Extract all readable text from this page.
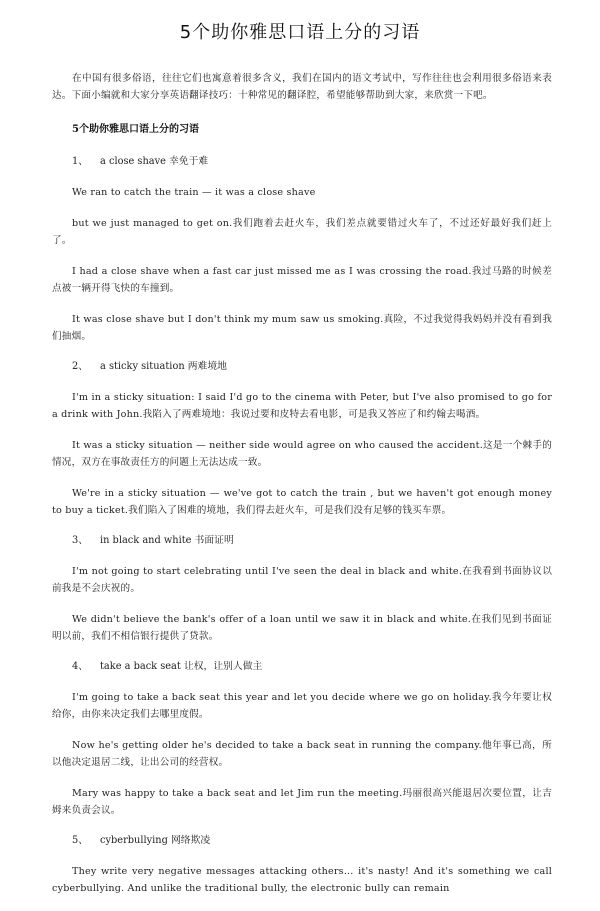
5个助你雅思口语上分的习语

在中国有很多俗语，往往它们也寓意着很多含义，我们在国内的语文考试中，写作往往也会利用很多俗语来表达。下面小编就和大家分享英语翻译技巧：十种常见的翻译腔，希望能够帮助到大家，来欣赏一下吧。

5个助你雅思口语上分的习语
1、 a close shave 幸免于难

We ran to catch the train — it was a close shave

but we just managed to get on.我们跑着去赶火车，我们差点就要错过火车了，不过还好最好我们赶上了。

I had a close shave when a fast car just missed me as I was crossing the road.我过马路的时候差点被一辆开得飞快的车撞到。

It was close shave but I don't think my mum saw us smoking.真险，不过我觉得我妈妈并没有看到我们抽烟。

2、 a sticky situation 两难境地

I'm in a sticky situation: I said I'd go to the cinema with Peter, but I've also promised to go for a drink with John.我陷入了两难境地：我说过要和皮特去看电影，可是我又答应了和约翰去喝酒。

It was a sticky situation — neither side would agree on who caused the accident.这是一个棘手的情况，双方在事故责任方的问题上无法达成一致。

We're in a sticky situation — we've got to catch the train , but we haven't got enough money to buy a ticket.我们陷入了困难的境地，我们得去赶火车，可是我们没有足够的钱买车票。

3、 in black and white 书面证明

I'm not going to start celebrating until I've seen the deal in black and white.在我看到书面协议以前我是不会庆祝的。

We didn't believe the bank's offer of a loan until we saw it in black and white.在我们见到书面证明以前，我们不相信银行提供了贷款。

4、 take a back seat 让权，让别人做主

I'm going to take a back seat this year and let you decide where we go on holiday.我今年要让权给你，由你来决定我们去哪里度假。

Now he's getting older he's decided to take a back seat in running the company.他年事已高，所以他决定退居二线，让出公司的经营权。

Mary was happy to take a back seat and let Jim run the meeting.玛丽很高兴能退居次要位置，让吉姆来负责会议。

5、 cyberbullying 网络欺凌

They write very negative messages attacking others… it's nasty! And it's something we call cyberbullying. And unlike the traditional bully, the electronic bully can remain
